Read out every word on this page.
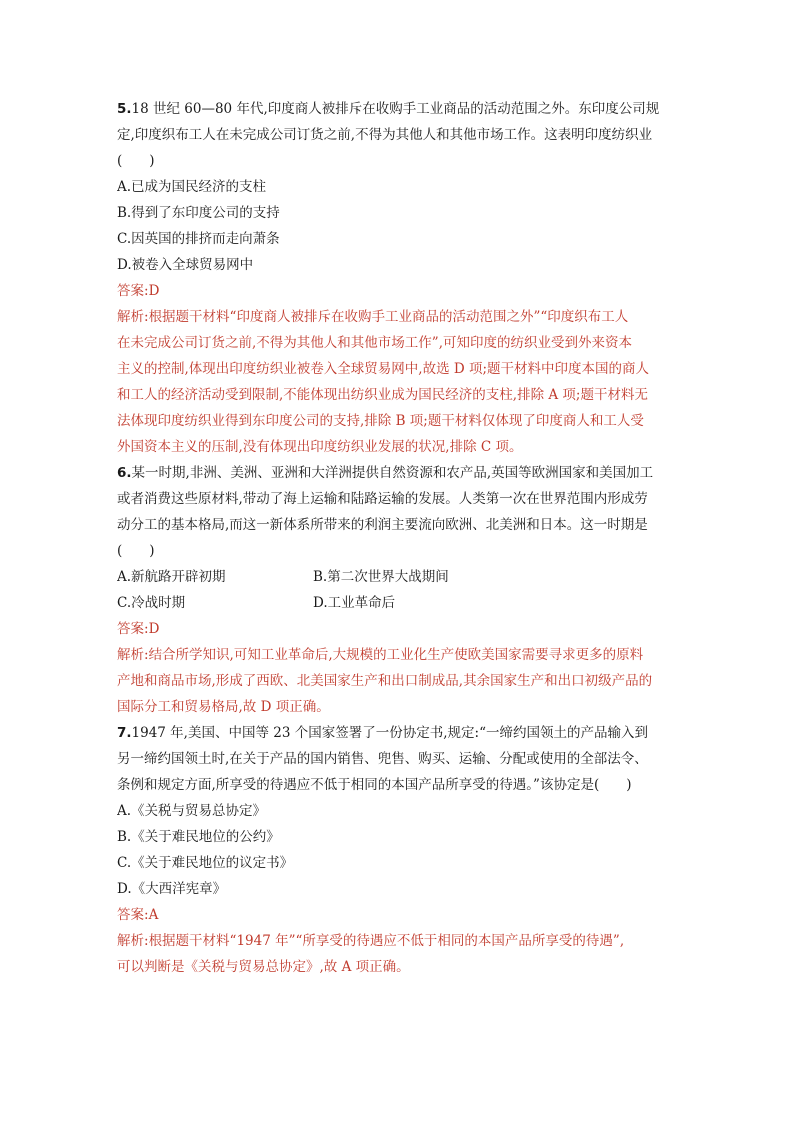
5.18 世纪 60—80 年代,印度商人被排斥在收购手工业商品的活动范围之外。东印度公司规
定,印度织布工人在未完成公司订货之前,不得为其他人和其他市场工作。这表明印度纺织业
(　　)
A.已成为国民经济的支柱
B.得到了东印度公司的支持
C.因英国的排挤而走向萧条
D.被卷入全球贸易网中
答案:D
解析:根据题干材料“印度商人被排斥在收购手工业商品的活动范围之外”“印度织布工人
在未完成公司订货之前,不得为其他人和其他市场工作”,可知印度的纺织业受到外来资本
主义的控制,体现出印度纺织业被卷入全球贸易网中,故选 D 项;题干材料中印度本国的商人
和工人的经济活动受到限制,不能体现出纺织业成为国民经济的支柱,排除 A 项;题干材料无
法体现印度纺织业得到东印度公司的支持,排除 B 项;题干材料仅体现了印度商人和工人受
外国资本主义的压制,没有体现出印度纺织业发展的状况,排除 C 项。
6.某一时期,非洲、美洲、亚洲和大洋洲提供自然资源和农产品,英国等欧洲国家和美国加工
或者消费这些原材料,带动了海上运输和陆路运输的发展。人类第一次在世界范围内形成劳
动分工的基本格局,而这一新体系所带来的利润主要流向欧洲、北美洲和日本。这一时期是
(　　)
A.新航路开辟初期	B.第二次世界大战期间
C.冷战时期	D.工业革命后
答案:D
解析:结合所学知识,可知工业革命后,大规模的工业化生产使欧美国家需要寻求更多的原料
产地和商品市场,形成了西欧、北美国家生产和出口制成品,其余国家生产和出口初级产品的
国际分工和贸易格局,故 D 项正确。
7.1947 年,美国、中国等 23 个国家签署了一份协定书,规定:“一缔约国领土的产品输入到
另一缔约国领土时,在关于产品的国内销售、兜售、购买、运输、分配或使用的全部法令、
条例和规定方面,所享受的待遇应不低于相同的本国产品所享受的待遇。”该协定是(　　)
A.《关税与贸易总协定》
B.《关于难民地位的公约》
C.《关于难民地位的议定书》
D.《大西洋宪章》
答案:A
解析:根据题干材料“1947 年”“所享受的待遇应不低于相同的本国产品所享受的待遇”,
可以判断是《关税与贸易总协定》,故 A 项正确。
